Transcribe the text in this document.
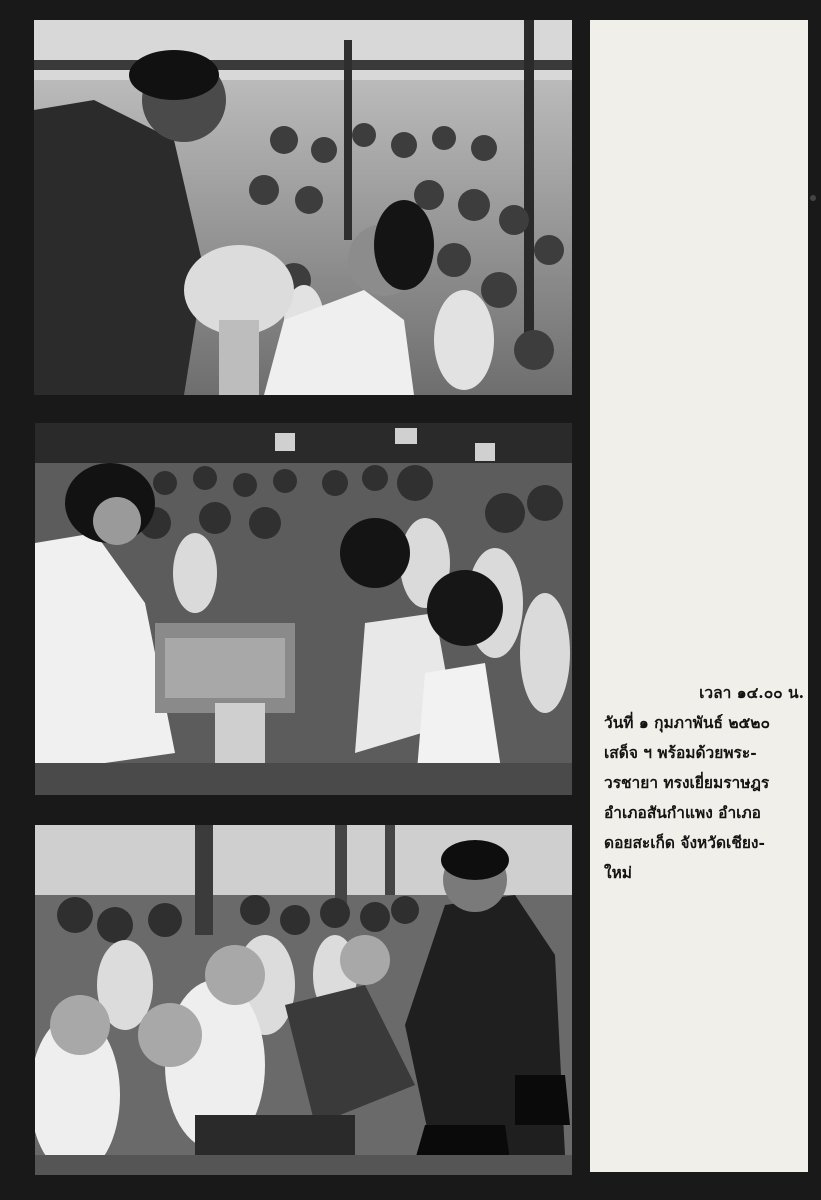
เวลา ๑๔.๐๐ น.
วันที่ ๑ กุมภาพันธ์ ๒๕๒๐
เสด็จ ฯ พร้อมด้วยพระ-
วรชายา ทรงเยี่ยมราษฎร
อำเภอสันกำแพง อำเภอ
ดอยสะเก็ด จังหวัดเชียง-
ใหม่
